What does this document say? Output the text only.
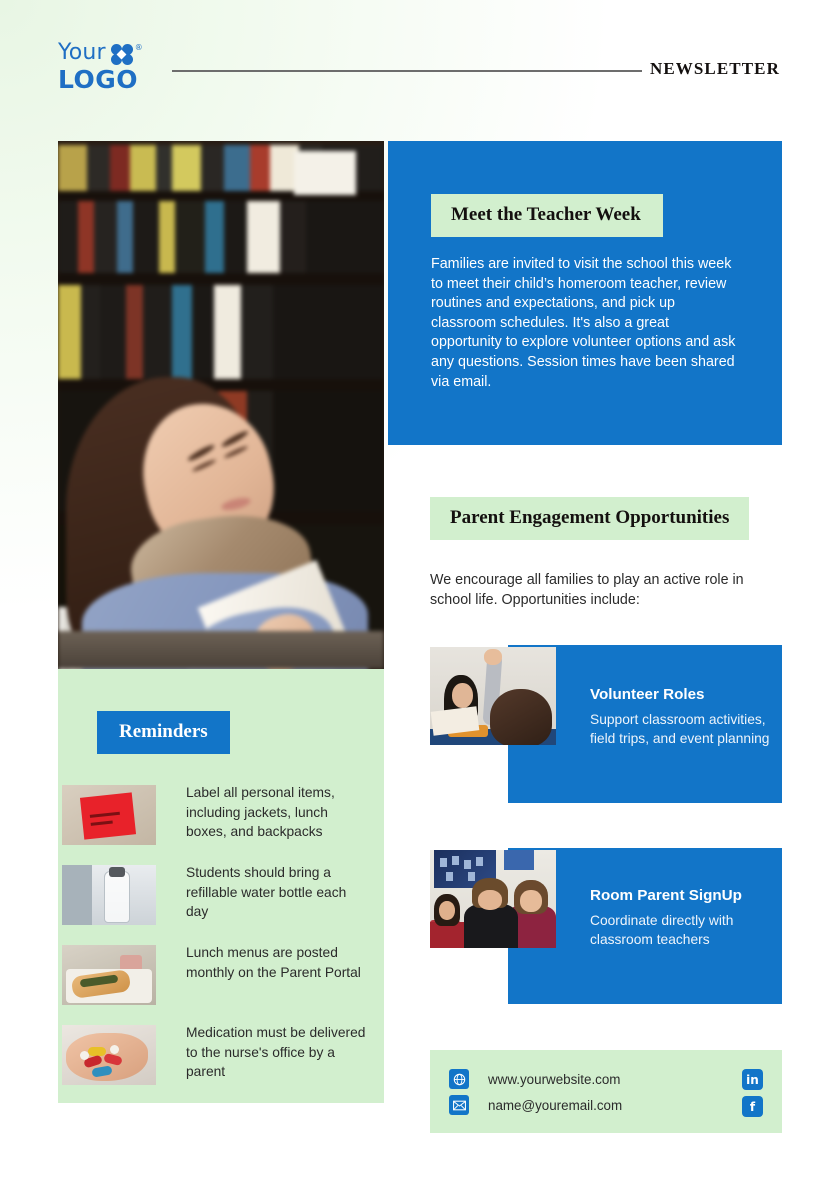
Your	®
LOGO	NEWSLETTER
Meet the Teacher Week
Families are invited to visit the school this week to meet their child’s homeroom teacher, review routines and expectations, and pick up classroom schedules. It's also a great opportunity to explore volunteer options and ask any questions. Session times have been shared via email.
Parent Engagement Opportunities
We encourage all families to play an active role in school life. Opportunities include:
Volunteer Roles
Support classroom activities, field trips, and event planning
Room Parent SignUp
Coordinate directly with classroom teachers
Reminders
Label all personal items, including jackets, lunch boxes, and backpacks
Students should bring a refillable water bottle each day
Lunch menus are posted monthly on the Parent Portal
Medication must be delivered to the nurse's office by a parent	www.yourwebsite.com
name@youremail.com
in
f
